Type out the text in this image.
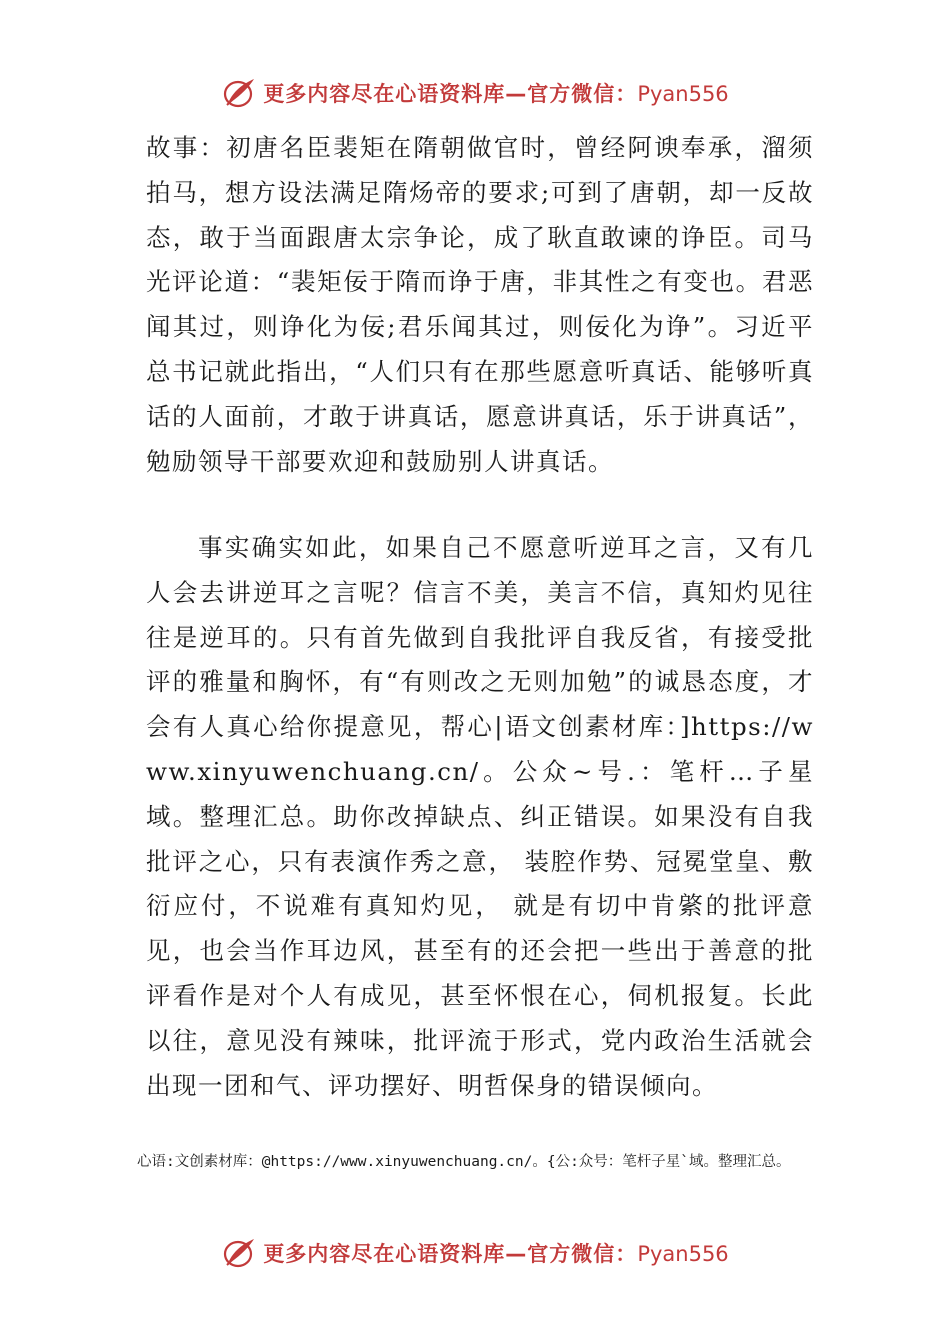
更多内容尽在心语资料库—官方微信：Pyan556
故事：初唐名臣裴矩在隋朝做官时，曾经阿谀奉承，溜须拍马，想方设法满足隋炀帝的要求;可到了唐朝，却一反故态，敢于当面跟唐太宗争论，成了耿直敢谏的诤臣。司马光评论道：“裴矩佞于隋而诤于唐，非其性之有变也。君恶闻其过，则诤化为佞;君乐闻其过，则佞化为诤”。习近平总书记就此指出，“人们只有在那些愿意听真话、能够听真话的人面前，才敢于讲真话，愿意讲真话，乐于讲真话”，勉励领导干部要欢迎和鼓励别人讲真话。
事实确实如此，如果自己不愿意听逆耳之言，又有几人会去讲逆耳之言呢？信言不美，美言不信，真知灼见往往是逆耳的。只有首先做到自我批评自我反省，有接受批评的雅量和胸怀，有“有则改之无则加勉”的诚恳态度，才会有人真心给你提意见，帮心|语文创素材库：]https://www.xinyuwenchuang.cn/。公众~号.：笔杆…子星域。整理汇总。助你改掉缺点、纠正错误。如果没有自我批评之心，只有表演作秀之意， 装腔作势、冠冕堂皇、敷衍应付，不说难有真知灼见， 就是有切中肯綮的批评意见，也会当作耳边风，甚至有的还会把一些出于善意的批评看作是对个人有成见，甚至怀恨在心，伺机报复。长此以往，意见没有辣味，批评流于形式，党内政治生活就会出现一团和气、评功摆好、明哲保身的错误倾向。
心语:文创素材库：@https://www.xinyuwenchuang.cn/。{公:众号：笔杆子星`域。整理汇总。
更多内容尽在心语资料库—官方微信：Pyan556
